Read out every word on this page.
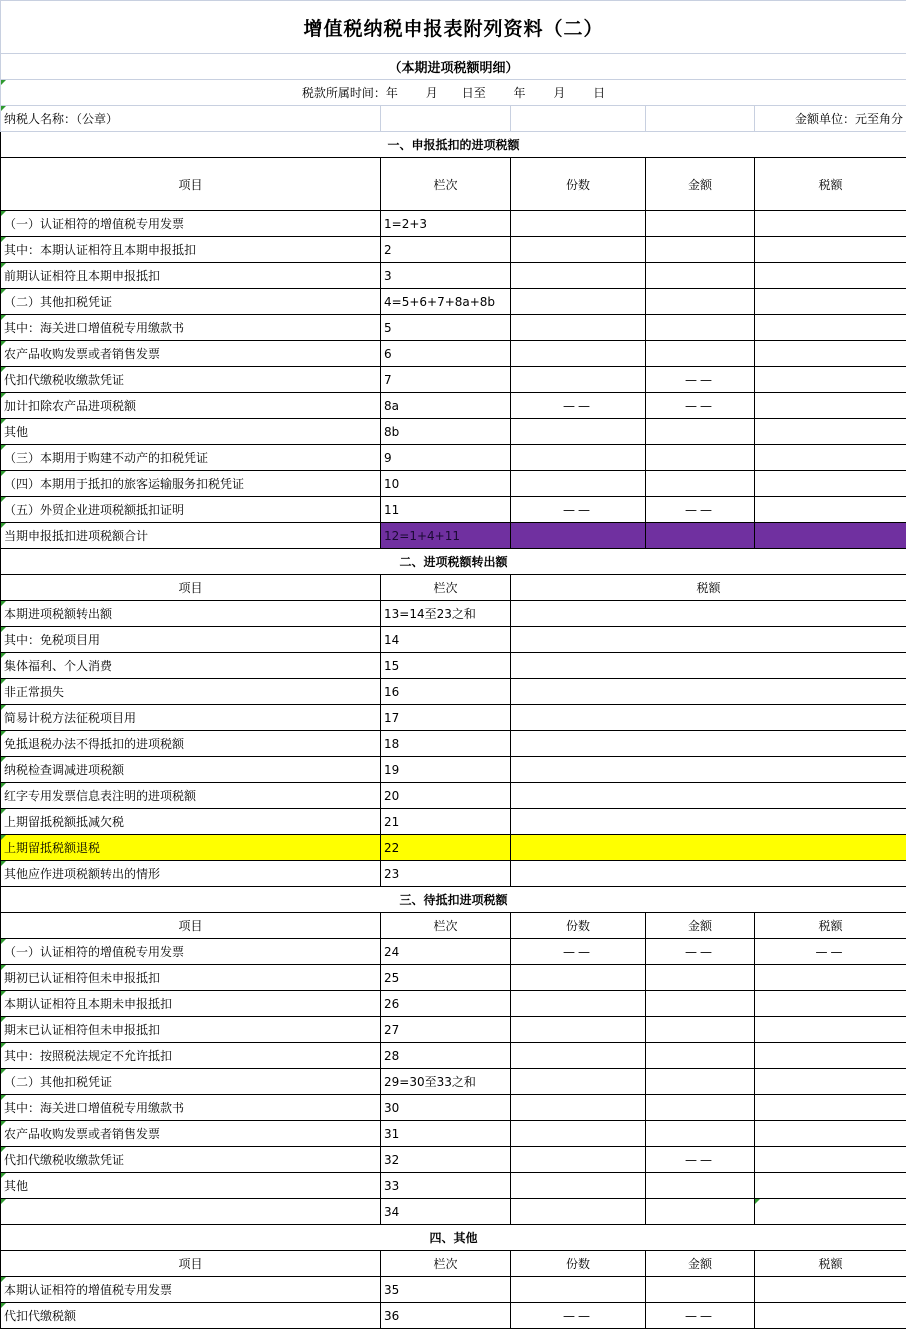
增值税纳税申报表附列资料（二）				
（本期进项税额明细）				
税款所属时间：年　　 月　　日至　　 年　　 月　　 日				
纳税人名称：（公章）				金额单位：元至角分
一、申报抵扣的进项税额				
项目	栏次	份数	金额	税额
（一）认证相符的增值税专用发票	1=2+3			
其中：本期认证相符且本期申报抵扣	2			
前期认证相符且本期申报抵扣	3			
（二）其他扣税凭证	4=5+6+7+8a+8b			
其中：海关进口增值税专用缴款书	5			
农产品收购发票或者销售发票	6			
代扣代缴税收缴款凭证	7		——	
加计扣除农产品进项税额	8a	——	——	
其他	8b			
（三）本期用于购建不动产的扣税凭证	9			
（四）本期用于抵扣的旅客运输服务扣税凭证	10			
（五）外贸企业进项税额抵扣证明	11	——	——	
当期申报抵扣进项税额合计	12=1+4+11			
二、进项税额转出额				
项目	栏次	税额		
本期进项税额转出额	13=14至23之和			
其中：免税项目用	14			
集体福利、个人消费	15			
非正常损失	16			
简易计税方法征税项目用	17			
免抵退税办法不得抵扣的进项税额	18			
纳税检查调减进项税额	19			
红字专用发票信息表注明的进项税额	20			
上期留抵税额抵减欠税	21			
上期留抵税额退税	22			
其他应作进项税额转出的情形	23			
三、待抵扣进项税额				
项目	栏次	份数	金额	税额
（一）认证相符的增值税专用发票	24	——	——	——
期初已认证相符但未申报抵扣	25			
本期认证相符且本期未申报抵扣	26			
期末已认证相符但未申报抵扣	27			
其中：按照税法规定不允许抵扣	28			
（二）其他扣税凭证	29=30至33之和			
其中：海关进口增值税专用缴款书	30			
农产品收购发票或者销售发票	31			
代扣代缴税收缴款凭证	32		——	
其他	33			
	34			
四、其他				
项目	栏次	份数	金额	税额
本期认证相符的增值税专用发票	35			
代扣代缴税额	36	——	——	
